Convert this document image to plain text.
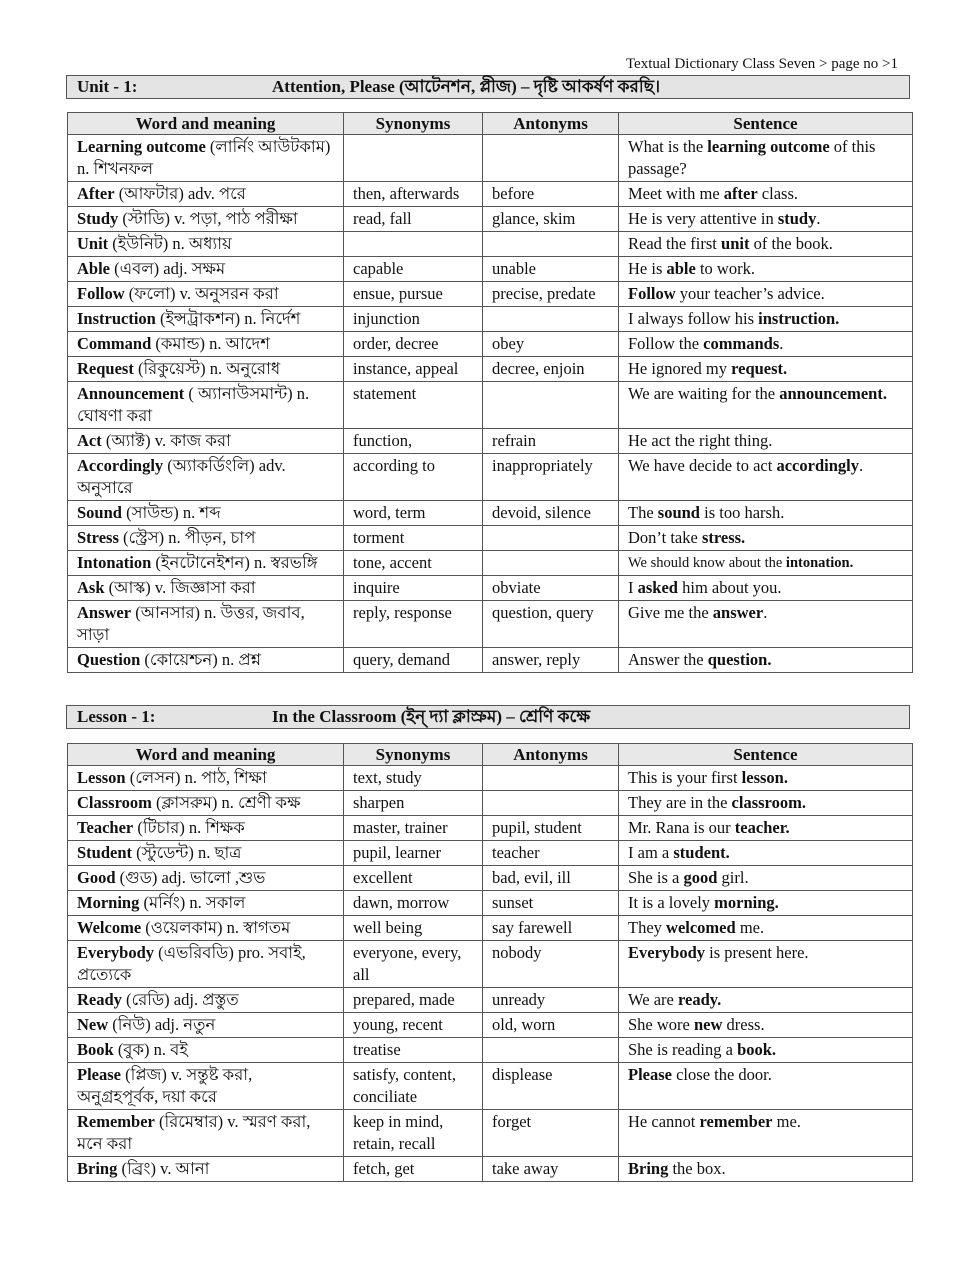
Textual Dictionary Class Seven > page no >1
Unit - 1:	Attention, Please (আটেনশন, প্লীজ) – দৃষ্টি আকর্ষণ করছি।
Word and meaning	Synonyms	Antonyms	Sentence
Learning outcome (লার্নিং আউটকাম) n. শিখনফল			What is the learning outcome of this passage?
After (আফটার) adv. পরে	then, afterwards	before	Meet with me after class.
Study (স্টাডি) v. পড়া, পাঠ পরীক্ষা	read, fall	glance, skim	He is very attentive in study.
Unit (ইউনিট) n. অধ্যায়			Read the first unit of the book.
Able (এবল) adj. সক্ষম	capable	unable	He is able to work.
Follow (ফলো) v. অনুসরন করা	ensue, pursue	precise, predate	Follow your teacher’s advice.
Instruction (ইন্সট্রাকশন) n. নির্দেশ	injunction		I always follow his instruction.
Command (কমান্ড) n. আদেশ	order, decree	obey	Follow the commands.
Request (রিকুয়েস্ট) n. অনুরোধ	instance, appeal	decree, enjoin	He ignored my request.
Announcement ( অ্যানাউসমান্ট) n. ঘোষণা করা	statement		We are waiting for the announcement.
Act (অ্যাক্ট) v. কাজ করা	function,	refrain	He act the right thing.
Accordingly (অ্যাকর্ডিংলি) adv. অনুসারে	according to	inappropriately	We have decide to act accordingly.
Sound (সাউন্ড) n. শব্দ	word, term	devoid, silence	The sound is too harsh.
Stress (স্ট্রেস) n. পীড়ন, চাপ	torment		Don’t take stress.
Intonation (ইনটোনেইশন) n. স্বরভঙ্গি	tone, accent		We should know about the intonation.
Ask (আস্ক) v. জিজ্ঞাসা করা	inquire	obviate	I asked him about you.
Answer (আনসার) n. উত্তর, জবাব, সাড়া	reply, response	question, query	Give me the answer.
Question (কোয়েশ্চন) n. প্রশ্ন	query, demand	answer, reply	Answer the question.
Lesson - 1:	In the Classroom (ইন্ দ্যা ক্লাস্রুম) – শ্রেণি কক্ষে
Word and meaning	Synonyms	Antonyms	Sentence
Lesson (লেসন) n. পাঠ, শিক্ষা	text, study		This is your first lesson.
Classroom (ক্লাসরুম) n. শ্রেণী কক্ষ	sharpen		They are in the classroom.
Teacher (টিচার) n. শিক্ষক	master, trainer	pupil, student	Mr. Rana is our teacher.
Student (স্টুডেন্ট) n. ছাত্র	pupil, learner	teacher	I am a student.
Good (গুড) adj. ভালো ,শুভ	excellent	bad, evil, ill	She is a good girl.
Morning (মর্নিং) n. সকাল	dawn, morrow	sunset	It is a lovely morning.
Welcome (ওয়েলকাম) n. স্বাগতম	well being	say farewell	They welcomed me.
Everybody (এভরিবডি) pro. সবাই, প্রত্যেকে	everyone, every, all	nobody	Everybody is present here.
Ready (রেডি) adj. প্রস্তুত	prepared, made	unready	We are ready.
New (নিউ) adj. নতুন	young, recent	old, worn	She wore new dress.
Book (বুক) n. বই	treatise		She is reading a book.
Please (প্লিজ) v. সন্তুষ্ট করা, অনুগ্রহপূর্বক, দয়া করে	satisfy, content, conciliate	displease	Please close the door.
Remember (রিমেম্বার) v. স্মরণ করা, মনে করা	keep in mind, retain, recall	forget	He cannot remember me.
Bring (ব্রিং) v. আনা	fetch, get	take away	Bring the box.
